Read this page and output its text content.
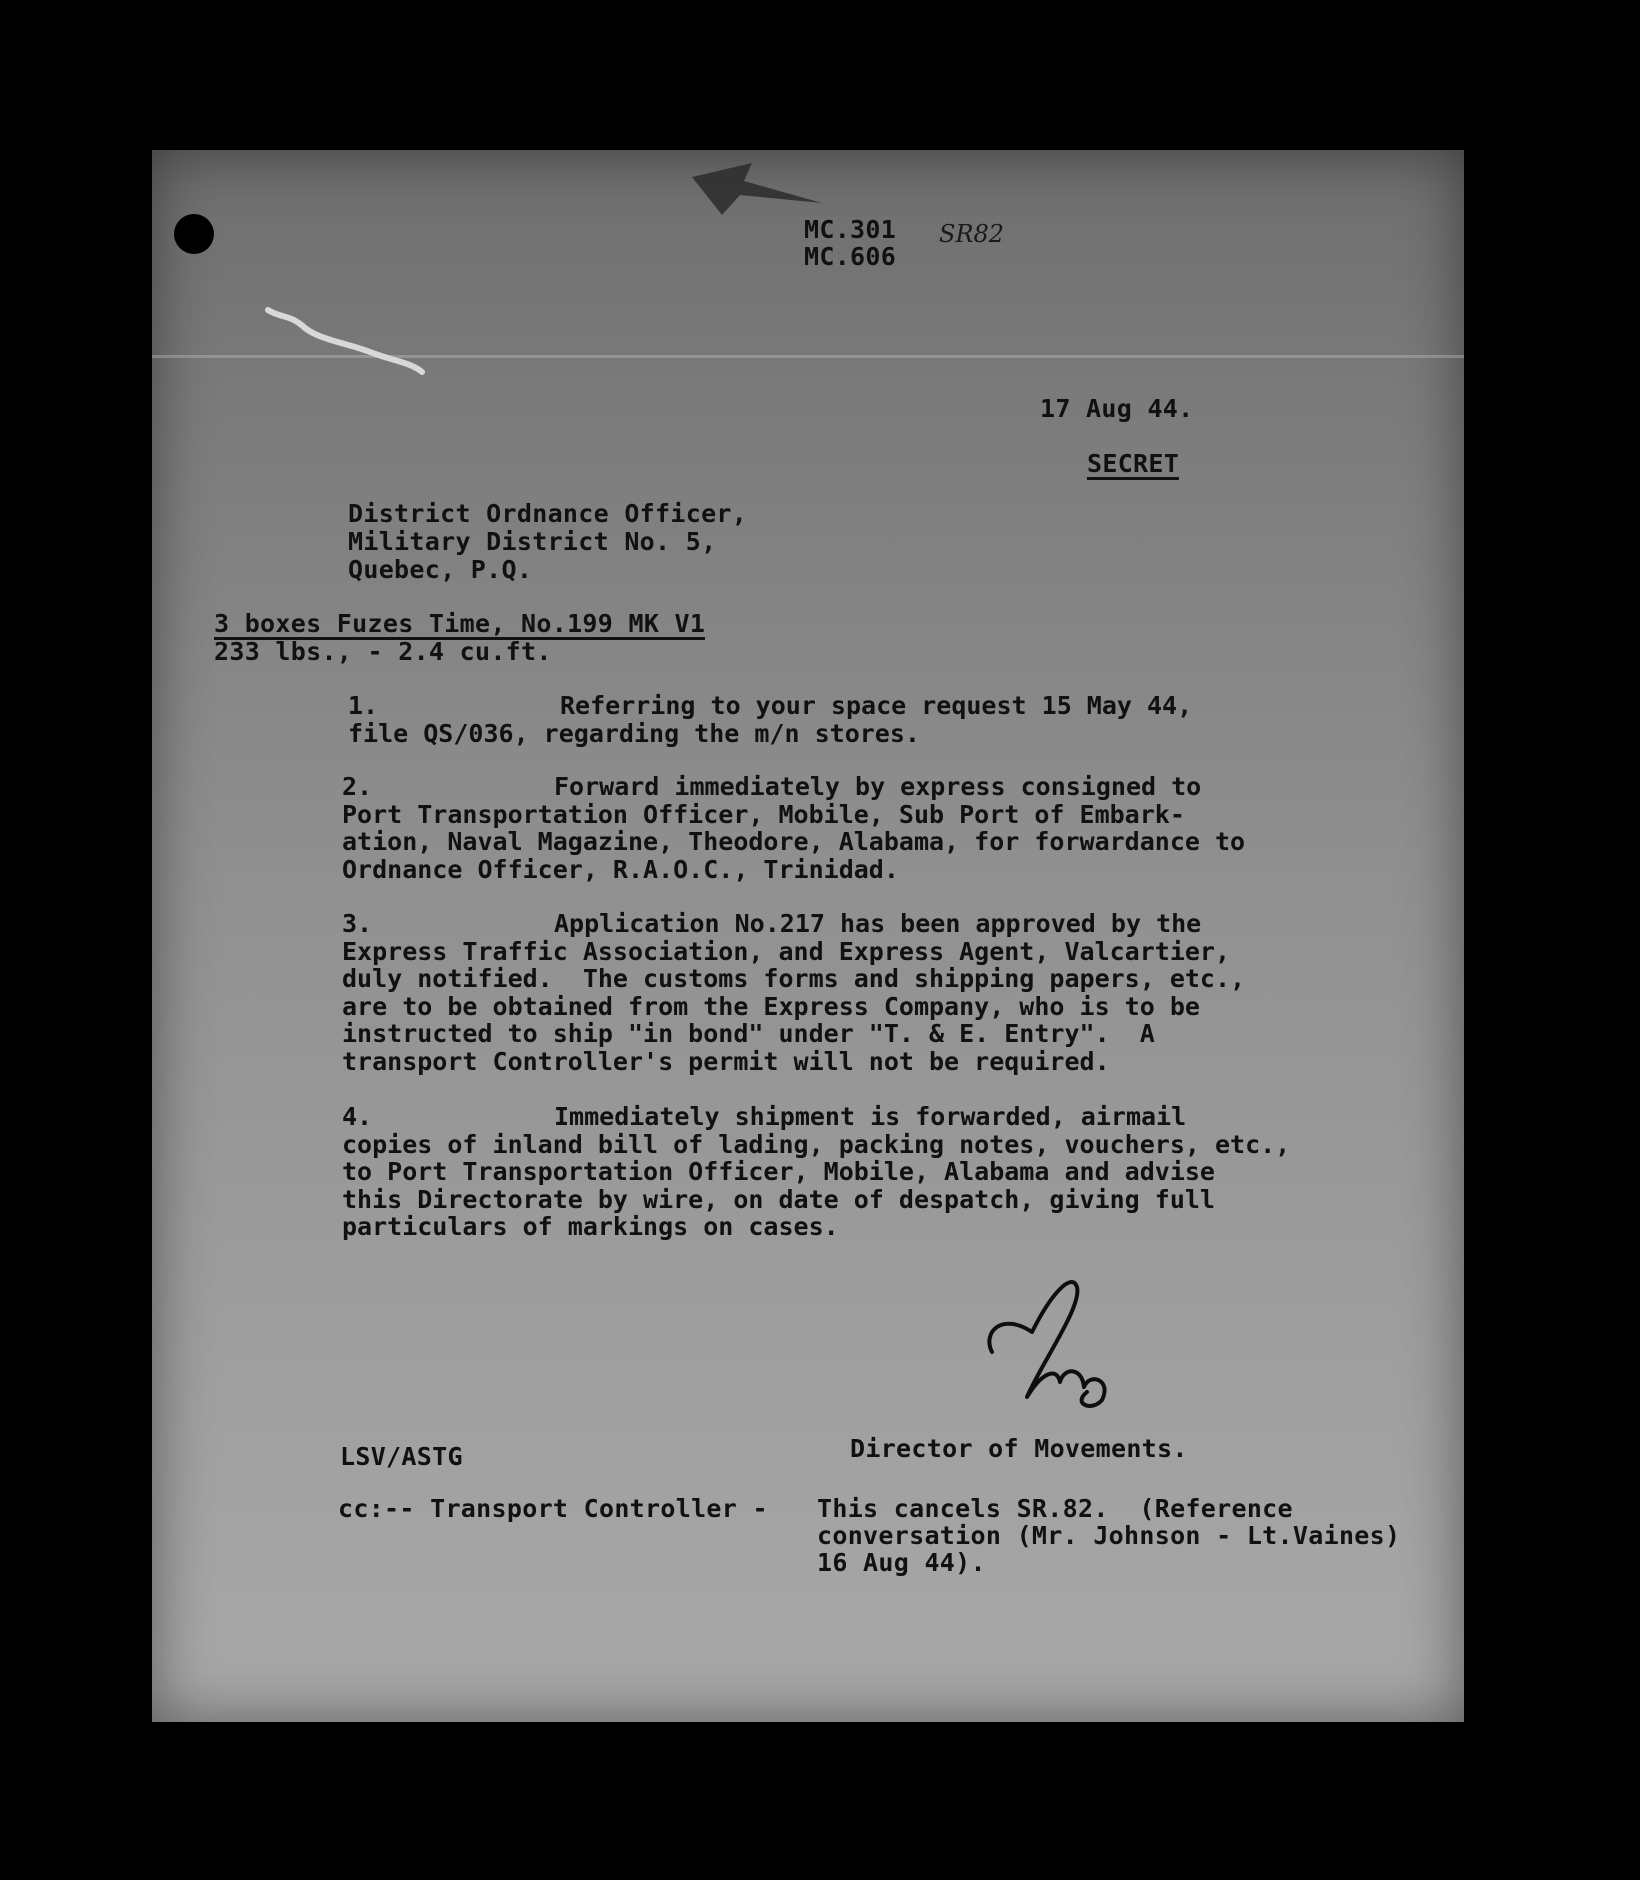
MC.301
MC.606
SR82
17 Aug 44.
SECRET
District Ordnance Officer,
Military District No. 5,
Quebec, P.Q.
3 boxes Fuzes Time, No.199 MK V1
233 lbs., - 2.4 cu.ft.
1.	Referring to your space request 15 May 44,
file QS/036, regarding the m/n stores.
2.	Forward immediately by express consigned to
Port Transportation Officer, Mobile, Sub Port of Embark-
ation, Naval Magazine, Theodore, Alabama, for forwardance to
Ordnance Officer, R.A.O.C., Trinidad.
3.	Application No.217 has been approved by the
Express Traffic Association, and Express Agent, Valcartier,
duly notified.  The customs forms and shipping papers, etc.,
are to be obtained from the Express Company, who is to be
instructed to ship "in bond" under "T. & E. Entry".  A
transport Controller's permit will not be required.
4.	Immediately shipment is forwarded, airmail
copies of inland bill of lading, packing notes, vouchers, etc.,
to Port Transportation Officer, Mobile, Alabama and advise
this Directorate by wire, on date of despatch, giving full
particulars of markings on cases.
LSV/ASTG	Director of Movements.
cc:-- Transport Controller - This cancels SR.82.  (Reference
conversation (Mr. Johnson - Lt.Vaines)
16 Aug 44).
